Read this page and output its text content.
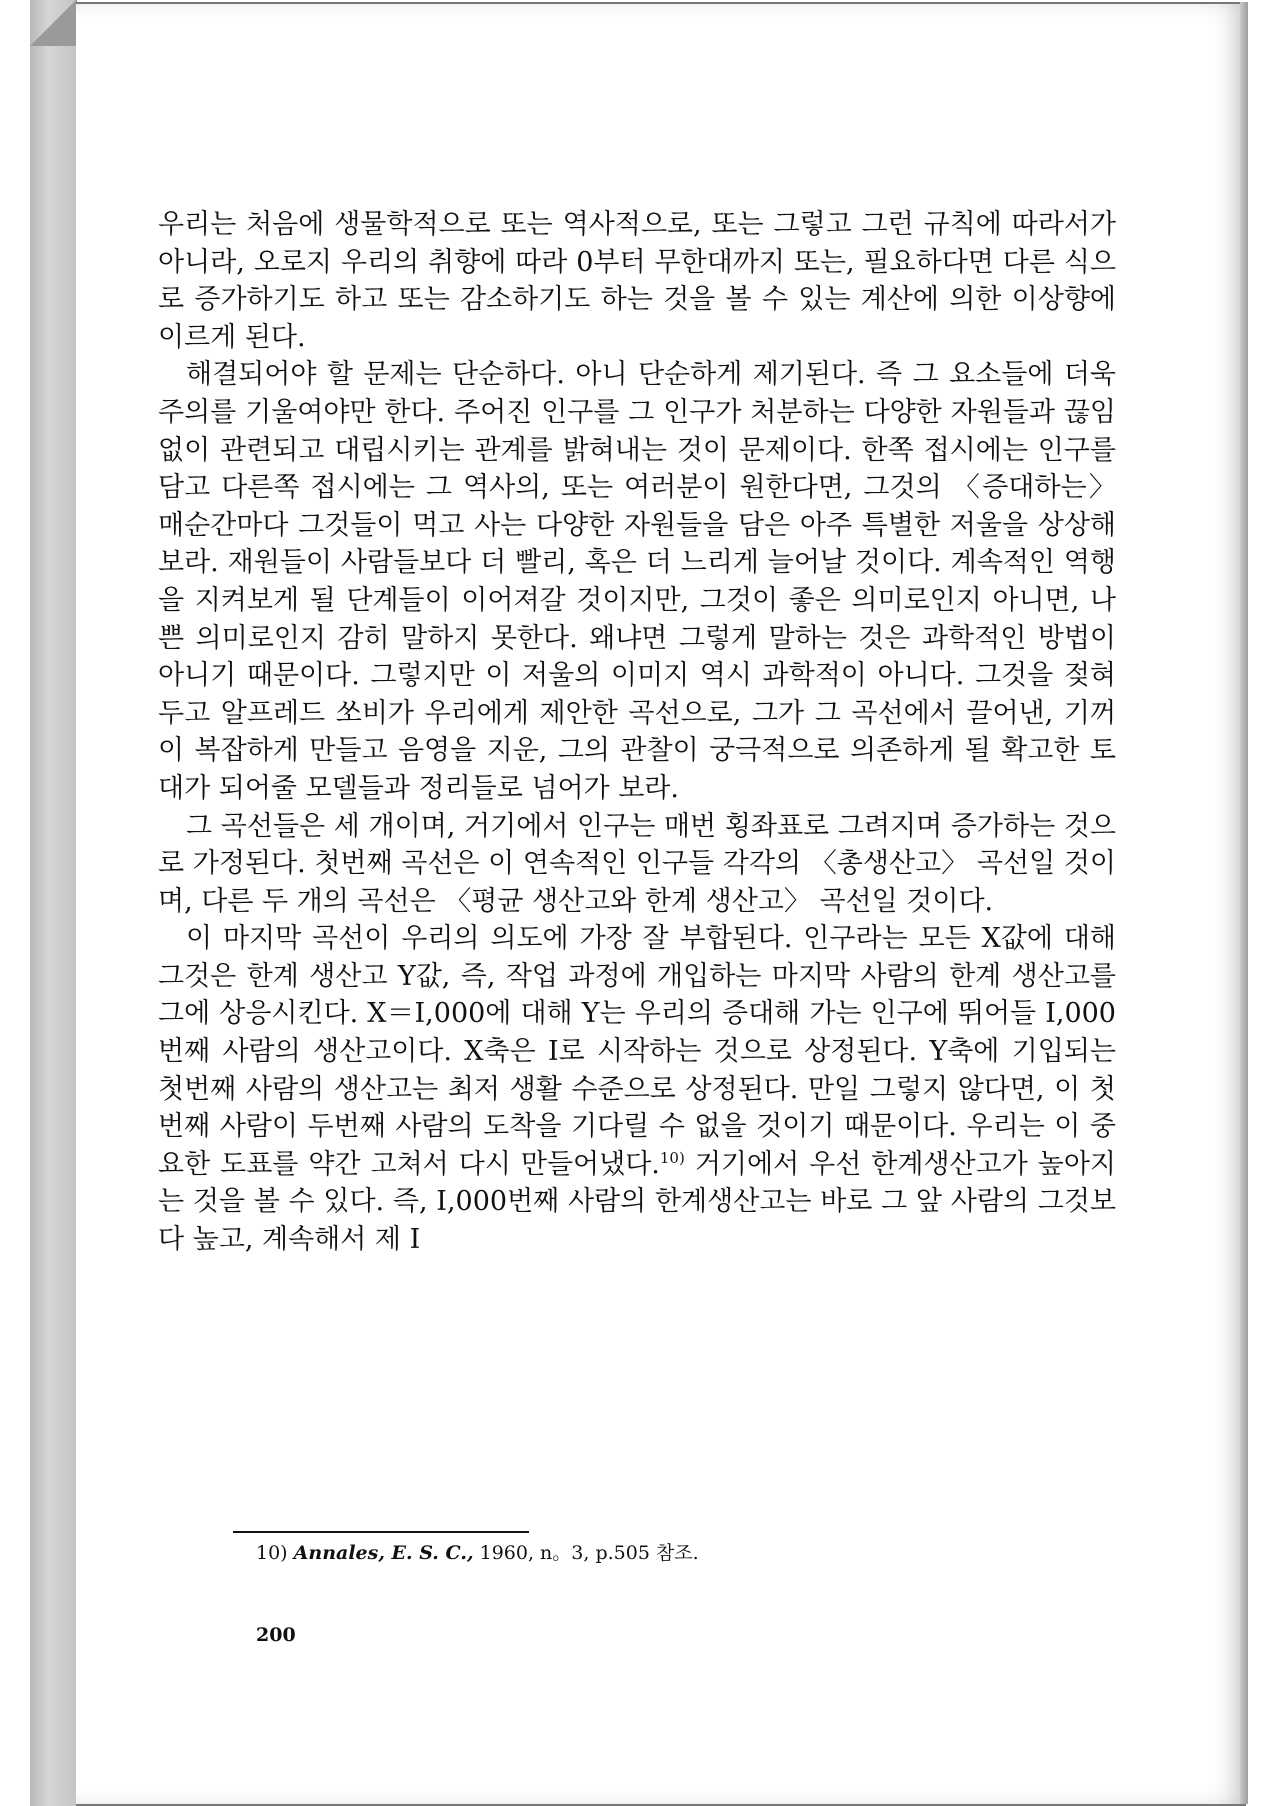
우리는 처음에 생물학적으로 또는 역사적으로, 또는 그렇고 그런 규칙에 따라서가 아니라, 오로지 우리의 취향에 따라 0부터 무한대까지 또는, 필요하다면 다른 식으로 증가하기도 하고 또는 감소하기도 하는 것을 볼 수 있는 계산에 의한 이상향에 이르게 된다.

해결되어야 할 문제는 단순하다. 아니 단순하게 제기된다. 즉 그 요소들에 더욱 주의를 기울여야만 한다. 주어진 인구를 그 인구가 처분하는 다양한 자원들과 끊임없이 관련되고 대립시키는 관계를 밝혀내는 것이 문제이다. 한쪽 접시에는 인구를 담고 다른쪽 접시에는 그 역사의, 또는 여러분이 원한다면, 그것의 〈증대하는〉 매순간마다 그것들이 먹고 사는 다양한 자원들을 담은 아주 특별한 저울을 상상해 보라. 재원들이 사람들보다 더 빨리, 혹은 더 느리게 늘어날 것이다. 계속적인 역행을 지켜보게 될 단계들이 이어져갈 것이지만, 그것이 좋은 의미로인지 아니면, 나쁜 의미로인지 감히 말하지 못한다. 왜냐면 그렇게 말하는 것은 과학적인 방법이 아니기 때문이다. 그렇지만 이 저울의 이미지 역시 과학적이 아니다. 그것을 젖혀 두고 알프레드 쏘비가 우리에게 제안한 곡선으로, 그가 그 곡선에서 끌어낸, 기꺼이 복잡하게 만들고 음영을 지운, 그의 관찰이 궁극적으로 의존하게 될 확고한 토대가 되어줄 모델들과 정리들로 넘어가 보라.

그 곡선들은 세 개이며, 거기에서 인구는 매번 횡좌표로 그려지며 증가하는 것으로 가정된다. 첫번째 곡선은 이 연속적인 인구들 각각의 〈총생산고〉 곡선일 것이며, 다른 두 개의 곡선은 〈평균 생산고와 한계 생산고〉 곡선일 것이다.

이 마지막 곡선이 우리의 의도에 가장 잘 부합된다. 인구라는 모든 X값에 대해 그것은 한계 생산고 Y값, 즉, 작업 과정에 개입하는 마지막 사람의 한계 생산고를 그에 상응시킨다. X＝I,000에 대해 Y는 우리의 증대해 가는 인구에 뛰어들 I,000번째 사람의 생산고이다. X축은 I로 시작하는 것으로 상정된다. Y축에 기입되는 첫번째 사람의 생산고는 최저 생활 수준으로 상정된다. 만일 그렇지 않다면, 이 첫번째 사람이 두번째 사람의 도착을 기다릴 수 없을 것이기 때문이다. 우리는 이 중요한 도표를 약간 고쳐서 다시 만들어냈다.$^{10)}$ 거기에서 우선 한계생산고가 높아지는 것을 볼 수 있다. 즉, I,000번째 사람의 한계생산고는 바로 그 앞 사람의 그것보다 높고, 계속해서 제 I

10) Annales, E. S. C., 1960, n。3, p.505 참조.
200
